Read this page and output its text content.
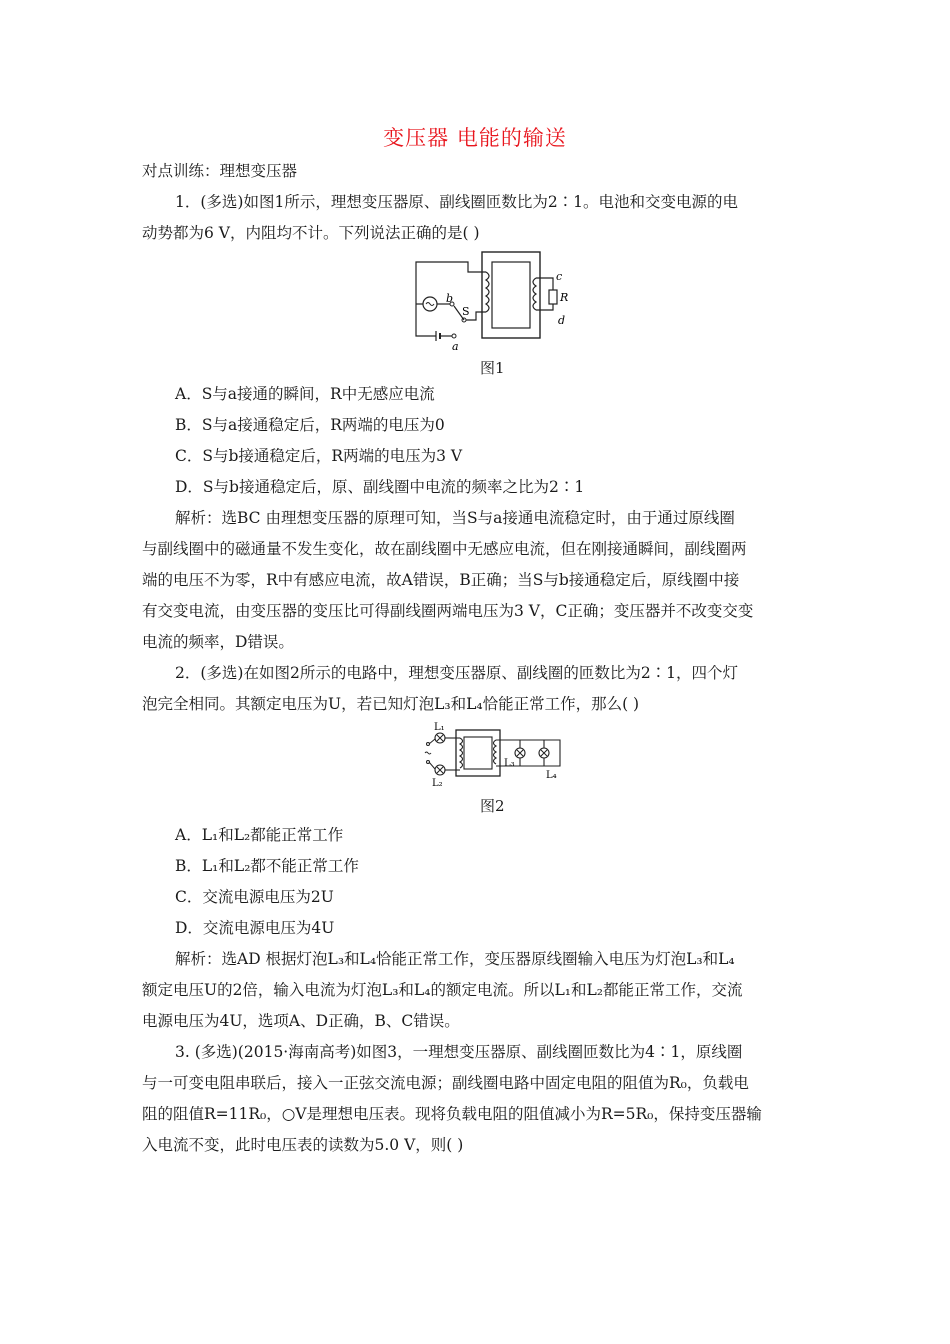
变压器 电能的输送
对点训练：理想变压器
1．(多选)如图1所示，理想变压器原、副线圈匝数比为2∶1。电池和交变电源的电
动势都为6 V，内阻均不计。下列说法正确的是( )
b
S
a
c
R
d
图1
A．S与a接通的瞬间，R中无感应电流
B．S与a接通稳定后，R两端的电压为0
C．S与b接通稳定后，R两端的电压为3 V
D．S与b接通稳定后，原、副线圈中电流的频率之比为2∶1
解析：选BC 由理想变压器的原理可知，当S与a接通电流稳定时，由于通过原线圈
与副线圈中的磁通量不发生变化，故在副线圈中无感应电流，但在刚接通瞬间，副线圈两
端的电压不为零，R中有感应电流，故A错误，B正确；当S与b接通稳定后，原线圈中接
有交变电流，由变压器的变压比可得副线圈两端电压为3 V，C正确；变压器并不改变交变
电流的频率，D错误。
2．(多选)在如图2所示的电路中，理想变压器原、副线圈的匝数比为2∶1，四个灯
泡完全相同。其额定电压为U，若已知灯泡L₃和L₄恰能正常工作，那么( )
L₁
L₂
L₃
L₄
图2
A．L₁和L₂都能正常工作
B．L₁和L₂都不能正常工作
C．交流电源电压为2U
D．交流电源电压为4U
解析：选AD 根据灯泡L₃和L₄恰能正常工作，变压器原线圈输入电压为灯泡L₃和L₄
额定电压U的2倍，输入电流为灯泡L₃和L₄的额定电流。所以L₁和L₂都能正常工作，交流
电源电压为4U，选项A、D正确，B、C错误。
3. (多选)(2015·海南高考)如图3，一理想变压器原、副线圈匝数比为4∶1，原线圈
与一可变电阻串联后，接入一正弦交流电源；副线圈电路中固定电阻的阻值为R₀，负载电
阻的阻值R=11R₀，○V是理想电压表。现将负载电阻的阻值减小为R=5R₀，保持变压器输
入电流不变，此时电压表的读数为5.0 V，则( )
